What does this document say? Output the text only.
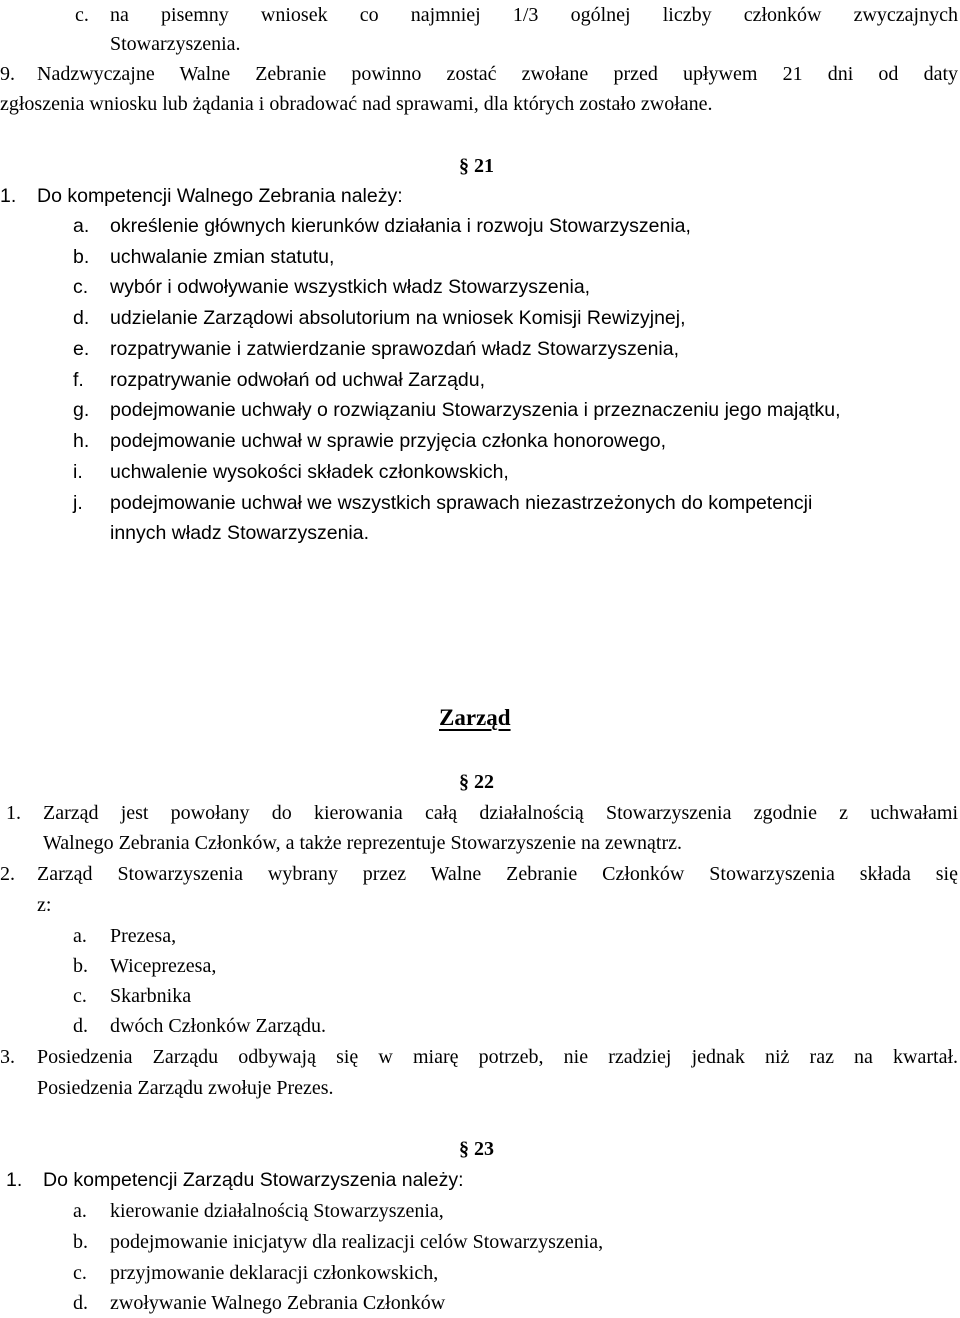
c. na pisemny wniosek co najmniej 1/3 ogólnej liczby członków zwyczajnych
Stowarzyszenia.
9. Nadzwyczajne Walne Zebranie powinno zostać zwołane przed upływem 21 dni od daty
zgłoszenia wniosku lub żądania i obradować nad sprawami, dla których zostało zwołane.
§ 21
1. Do kompetencji Walnego Zebrania należy:
a. określenie głównych kierunków działania i rozwoju Stowarzyszenia,
b. uchwalanie zmian statutu,
c. wybór i odwoływanie wszystkich władz Stowarzyszenia,
d. udzielanie Zarządowi absolutorium na wniosek Komisji Rewizyjnej,
e. rozpatrywanie i zatwierdzanie sprawozdań władz Stowarzyszenia,
f. rozpatrywanie odwołań od uchwał Zarządu,
g. podejmowanie uchwały o rozwiązaniu Stowarzyszenia i przeznaczeniu jego majątku,
h. podejmowanie uchwał w sprawie przyjęcia członka honorowego,
i. uchwalenie wysokości składek członkowskich,
j. podejmowanie uchwał we wszystkich sprawach niezastrzeżonych do kompetencji
innych władz Stowarzyszenia.
Zarząd
§ 22
1. Zarząd jest powołany do kierowania całą działalnością Stowarzyszenia zgodnie z uchwałami
Walnego Zebrania Członków, a także reprezentuje Stowarzyszenie na zewnątrz.
2. Zarząd Stowarzyszenia wybrany przez Walne Zebranie Członków Stowarzyszenia składa się
z:
a. Prezesa,
b. Wiceprezesa,
c. Skarbnika
d. dwóch Członków Zarządu.
3. Posiedzenia Zarządu odbywają się w miarę potrzeb, nie rzadziej jednak niż raz na kwartał.
Posiedzenia Zarządu zwołuje Prezes.
§ 23
1. Do kompetencji Zarządu Stowarzyszenia należy:
a. kierowanie działalnością Stowarzyszenia,
b. podejmowanie inicjatyw dla realizacji celów Stowarzyszenia,
c. przyjmowanie deklaracji członkowskich,
d. zwoływanie Walnego Zebrania Członków
